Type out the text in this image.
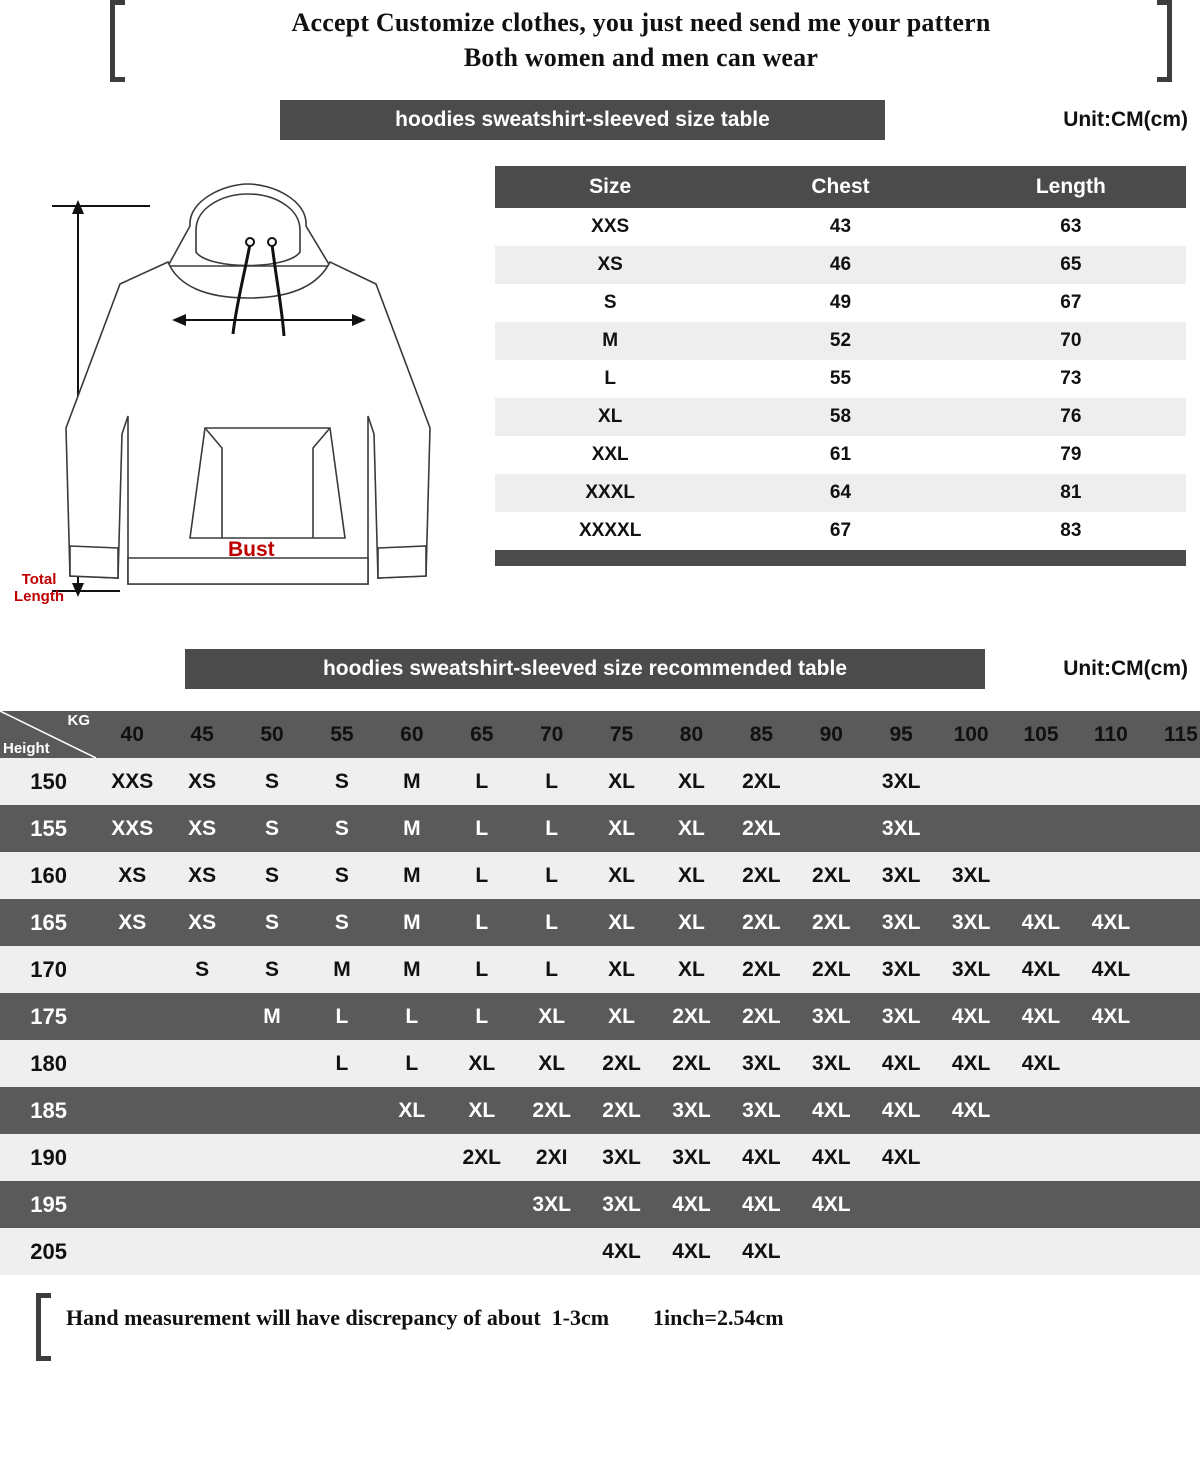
Accept Customize clothes, you just need send me your pattern
Both women and men can wear
hoodies sweatshirt-sleeved size table	Unit:CM(cm)
Bust
Total
Length
Size	Chest	Length
XXS	43	63
XS	46	65
S	49	67
M	52	70
L	55	73
XL	58	76
XXL	61	79
XXXL	64	81
XXXXL	67	83
hoodies sweatshirt-sleeved size recommended table	Unit:CM(cm)
KG
Height	40	45	50	55	60	65	70	75	80	85	90	95	100	105	110	115
150	XXS	XS	S	S	M	L	L	XL	XL	2XL		3XL				
155	XXS	XS	S	S	M	L	L	XL	XL	2XL		3XL				
160	XS	XS	S	S	M	L	L	XL	XL	2XL	2XL	3XL	3XL			
165	XS	XS	S	S	M	L	L	XL	XL	2XL	2XL	3XL	3XL	4XL	4XL	
170		S	S	M	M	L	L	XL	XL	2XL	2XL	3XL	3XL	4XL	4XL	
175			M	L	L	L	XL	XL	2XL	2XL	3XL	3XL	4XL	4XL	4XL	
180				L	L	XL	XL	2XL	2XL	3XL	3XL	4XL	4XL	4XL		
185					XL	XL	2XL	2XL	3XL	3XL	4XL	4XL	4XL			
190						2XL	2XI	3XL	3XL	4XL	4XL	4XL				
195							3XL	3XL	4XL	4XL	4XL					
205								4XL	4XL	4XL						
Hand measurement will have discrepancy of about  1-3cm        1inch=2.54cm
